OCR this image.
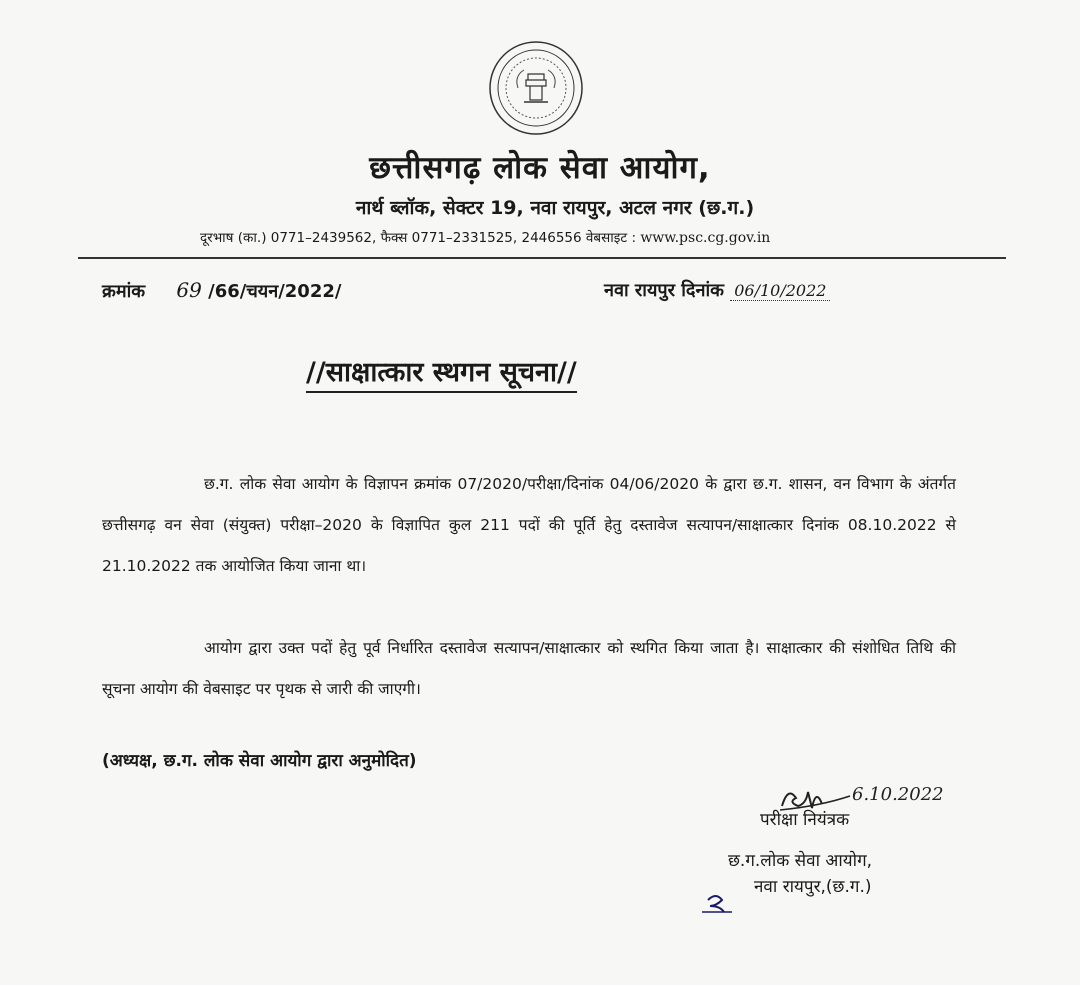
छत्तीसगढ़ लोक सेवा आयोग,
नार्थ ब्लॉक, सेक्टर 19, नवा रायपुर, अटल नगर (छ.ग.)
दूरभाष (का.) 0771–2439562, फैक्स 0771–2331525, 2446556 वेबसाइट : www.psc.cg.gov.in
क्रमांक 69 /66/चयन/2022/	नवा रायपुर दिनांक 06/10/2022
//साक्षात्कार स्थगन सूचना//
छ.ग. लोक सेवा आयोग के विज्ञापन क्रमांक 07/2020/परीक्षा/दिनांक 04/06/2020 के द्वारा छ.ग. शासन, वन विभाग के अंतर्गत छत्तीसगढ़ वन सेवा (संयुक्त) परीक्षा–2020 के विज्ञापित कुल 211 पदों की पूर्ति हेतु दस्तावेज सत्यापन/साक्षात्कार दिनांक 08.10.2022 से 21.10.2022 तक आयोजित किया जाना था।
आयोग द्वारा उक्त पदों हेतु पूर्व निर्धारित दस्तावेज सत्यापन/साक्षात्कार को स्थगित किया जाता है। साक्षात्कार की संशोधित तिथि की सूचना आयोग की वेबसाइट पर पृथक से जारी की जाएगी।
(अध्यक्ष, छ.ग. लोक सेवा आयोग द्वारा अनुमोदित)
6.10.2022
परीक्षा नियंत्रक
छ.ग.लोक सेवा आयोग,
नवा रायपुर,(छ.ग.)
